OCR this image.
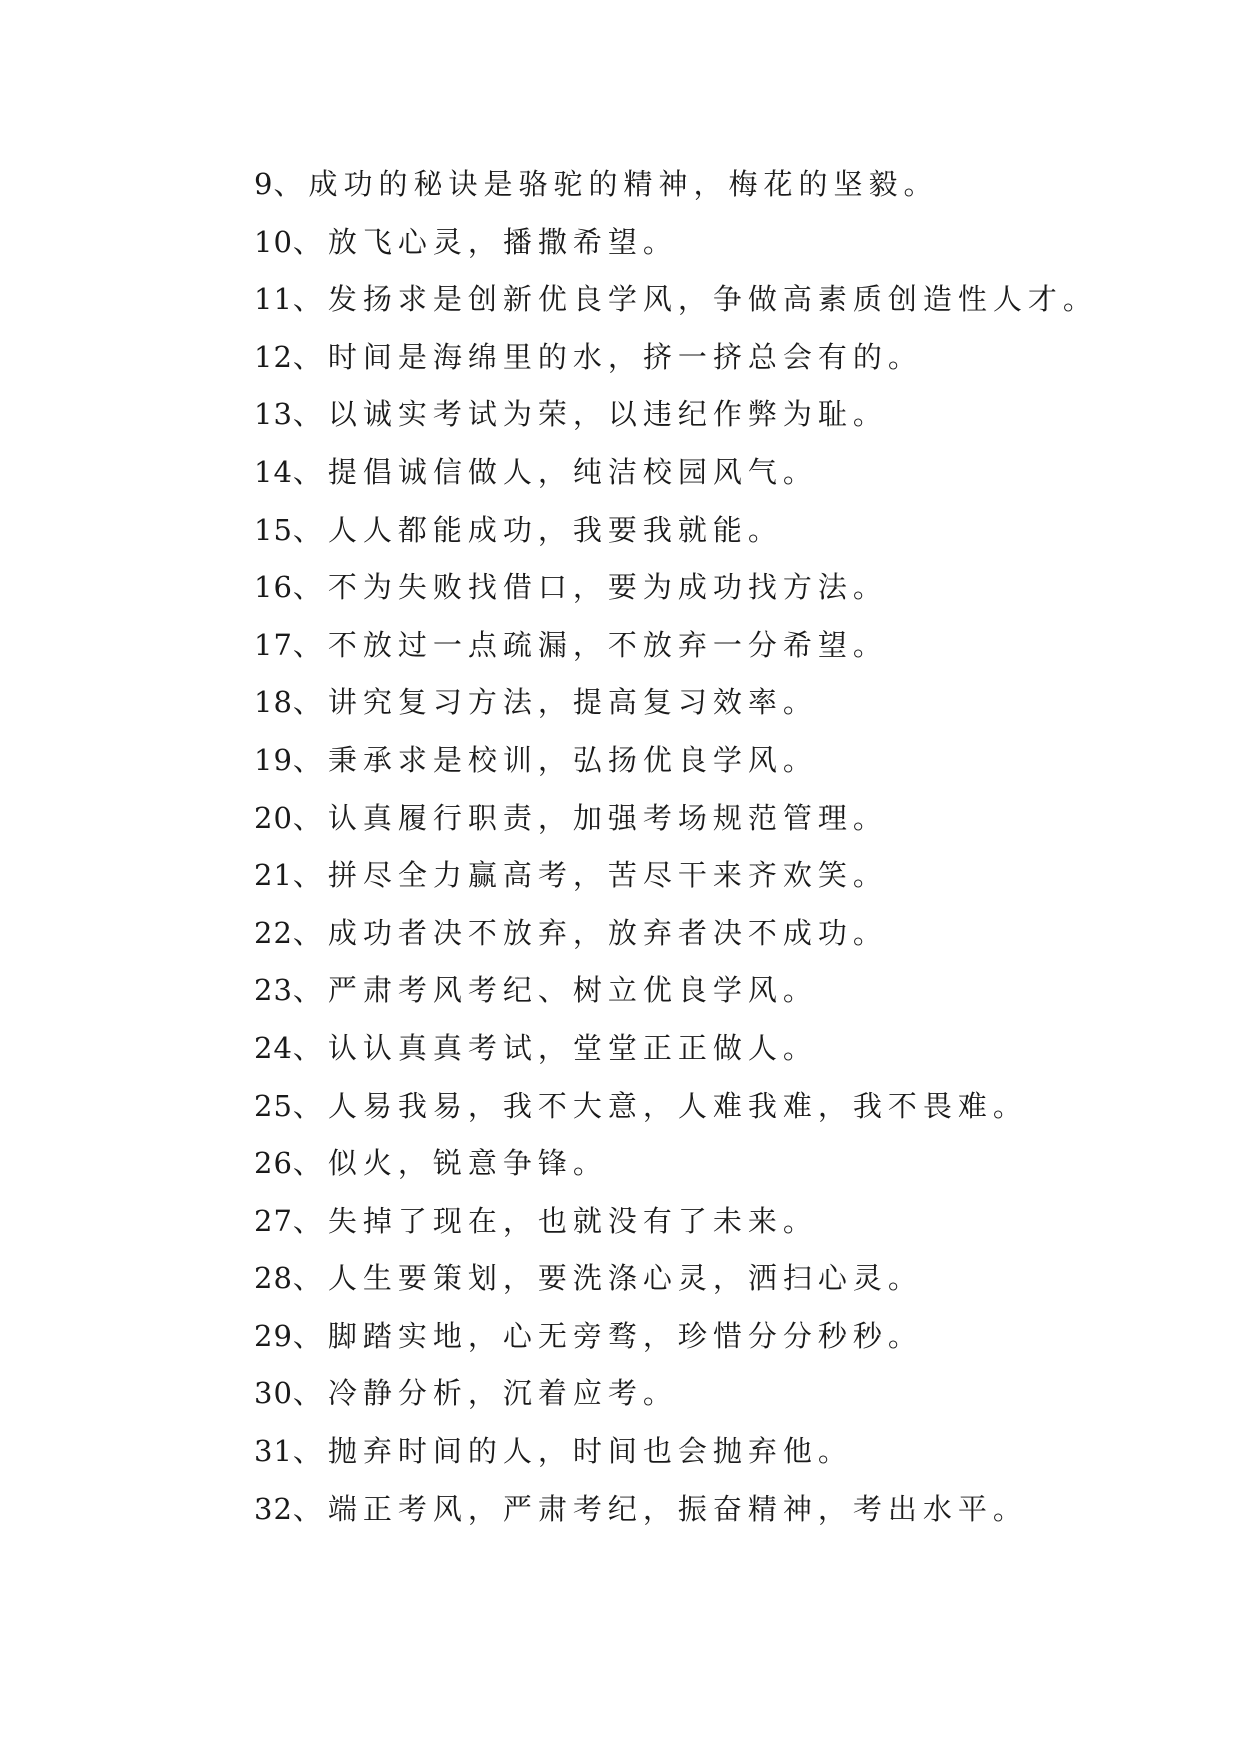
9、成功的秘诀是骆驼的精神，梅花的坚毅。
10、放飞心灵，播撒希望。
11、发扬求是创新优良学风，争做高素质创造性人才。
12、时间是海绵里的水，挤一挤总会有的。
13、以诚实考试为荣，以违纪作弊为耻。
14、提倡诚信做人，纯洁校园风气。
15、人人都能成功，我要我就能。
16、不为失败找借口，要为成功找方法。
17、不放过一点疏漏，不放弃一分希望。
18、讲究复习方法，提高复习效率。
19、秉承求是校训，弘扬优良学风。
20、认真履行职责，加强考场规范管理。
21、拼尽全力赢高考，苦尽干来齐欢笑。
22、成功者决不放弃，放弃者决不成功。
23、严肃考风考纪、树立优良学风。
24、认认真真考试，堂堂正正做人。
25、人易我易，我不大意，人难我难，我不畏难。
26、似火，锐意争锋。
27、失掉了现在，也就没有了未来。
28、人生要策划，要洗涤心灵，洒扫心灵。
29、脚踏实地，心无旁骛，珍惜分分秒秒。
30、冷静分析，沉着应考。
31、抛弃时间的人，时间也会抛弃他。
32、端正考风，严肃考纪，振奋精神，考出水平。
